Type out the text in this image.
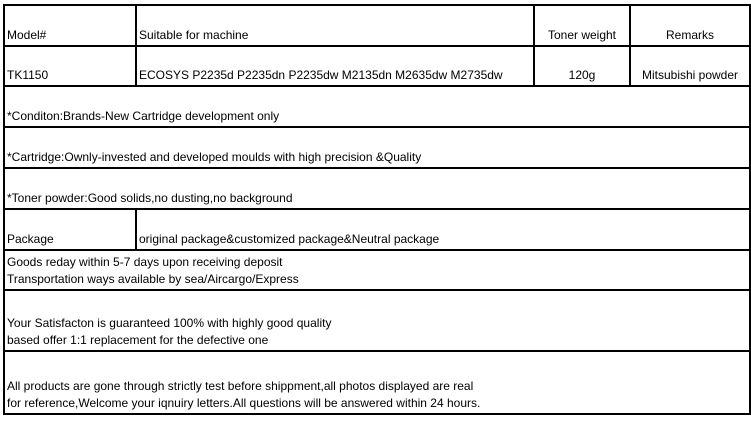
Model#	Suitable for machine	Toner weight	Remarks
TK1150	ECOSYS P2235d P2235dn P2235dw M2135dn M2635dw M2735dw	120g	Mitsubishi powder
*Conditon:Brands-New Cartridge development only			
*Cartridge:Ownly-invested and developed moulds with high precision &Quality			
*Toner powder:Good solids,no dusting,no background			
Package	original package&customized package&Neutral package		

Goods reday within 5-7 days upon receiving deposit
Transportation ways available by sea/Aircargo/Express			

Your Satisfacton is guaranteed 100% with highly good quality
based offer 1:1 replacement for the defective one			

All products are gone through strictly test before shippment,all photos displayed are real
for reference,Welcome your iqnuiry letters.All questions will be answered within 24 hours.			
